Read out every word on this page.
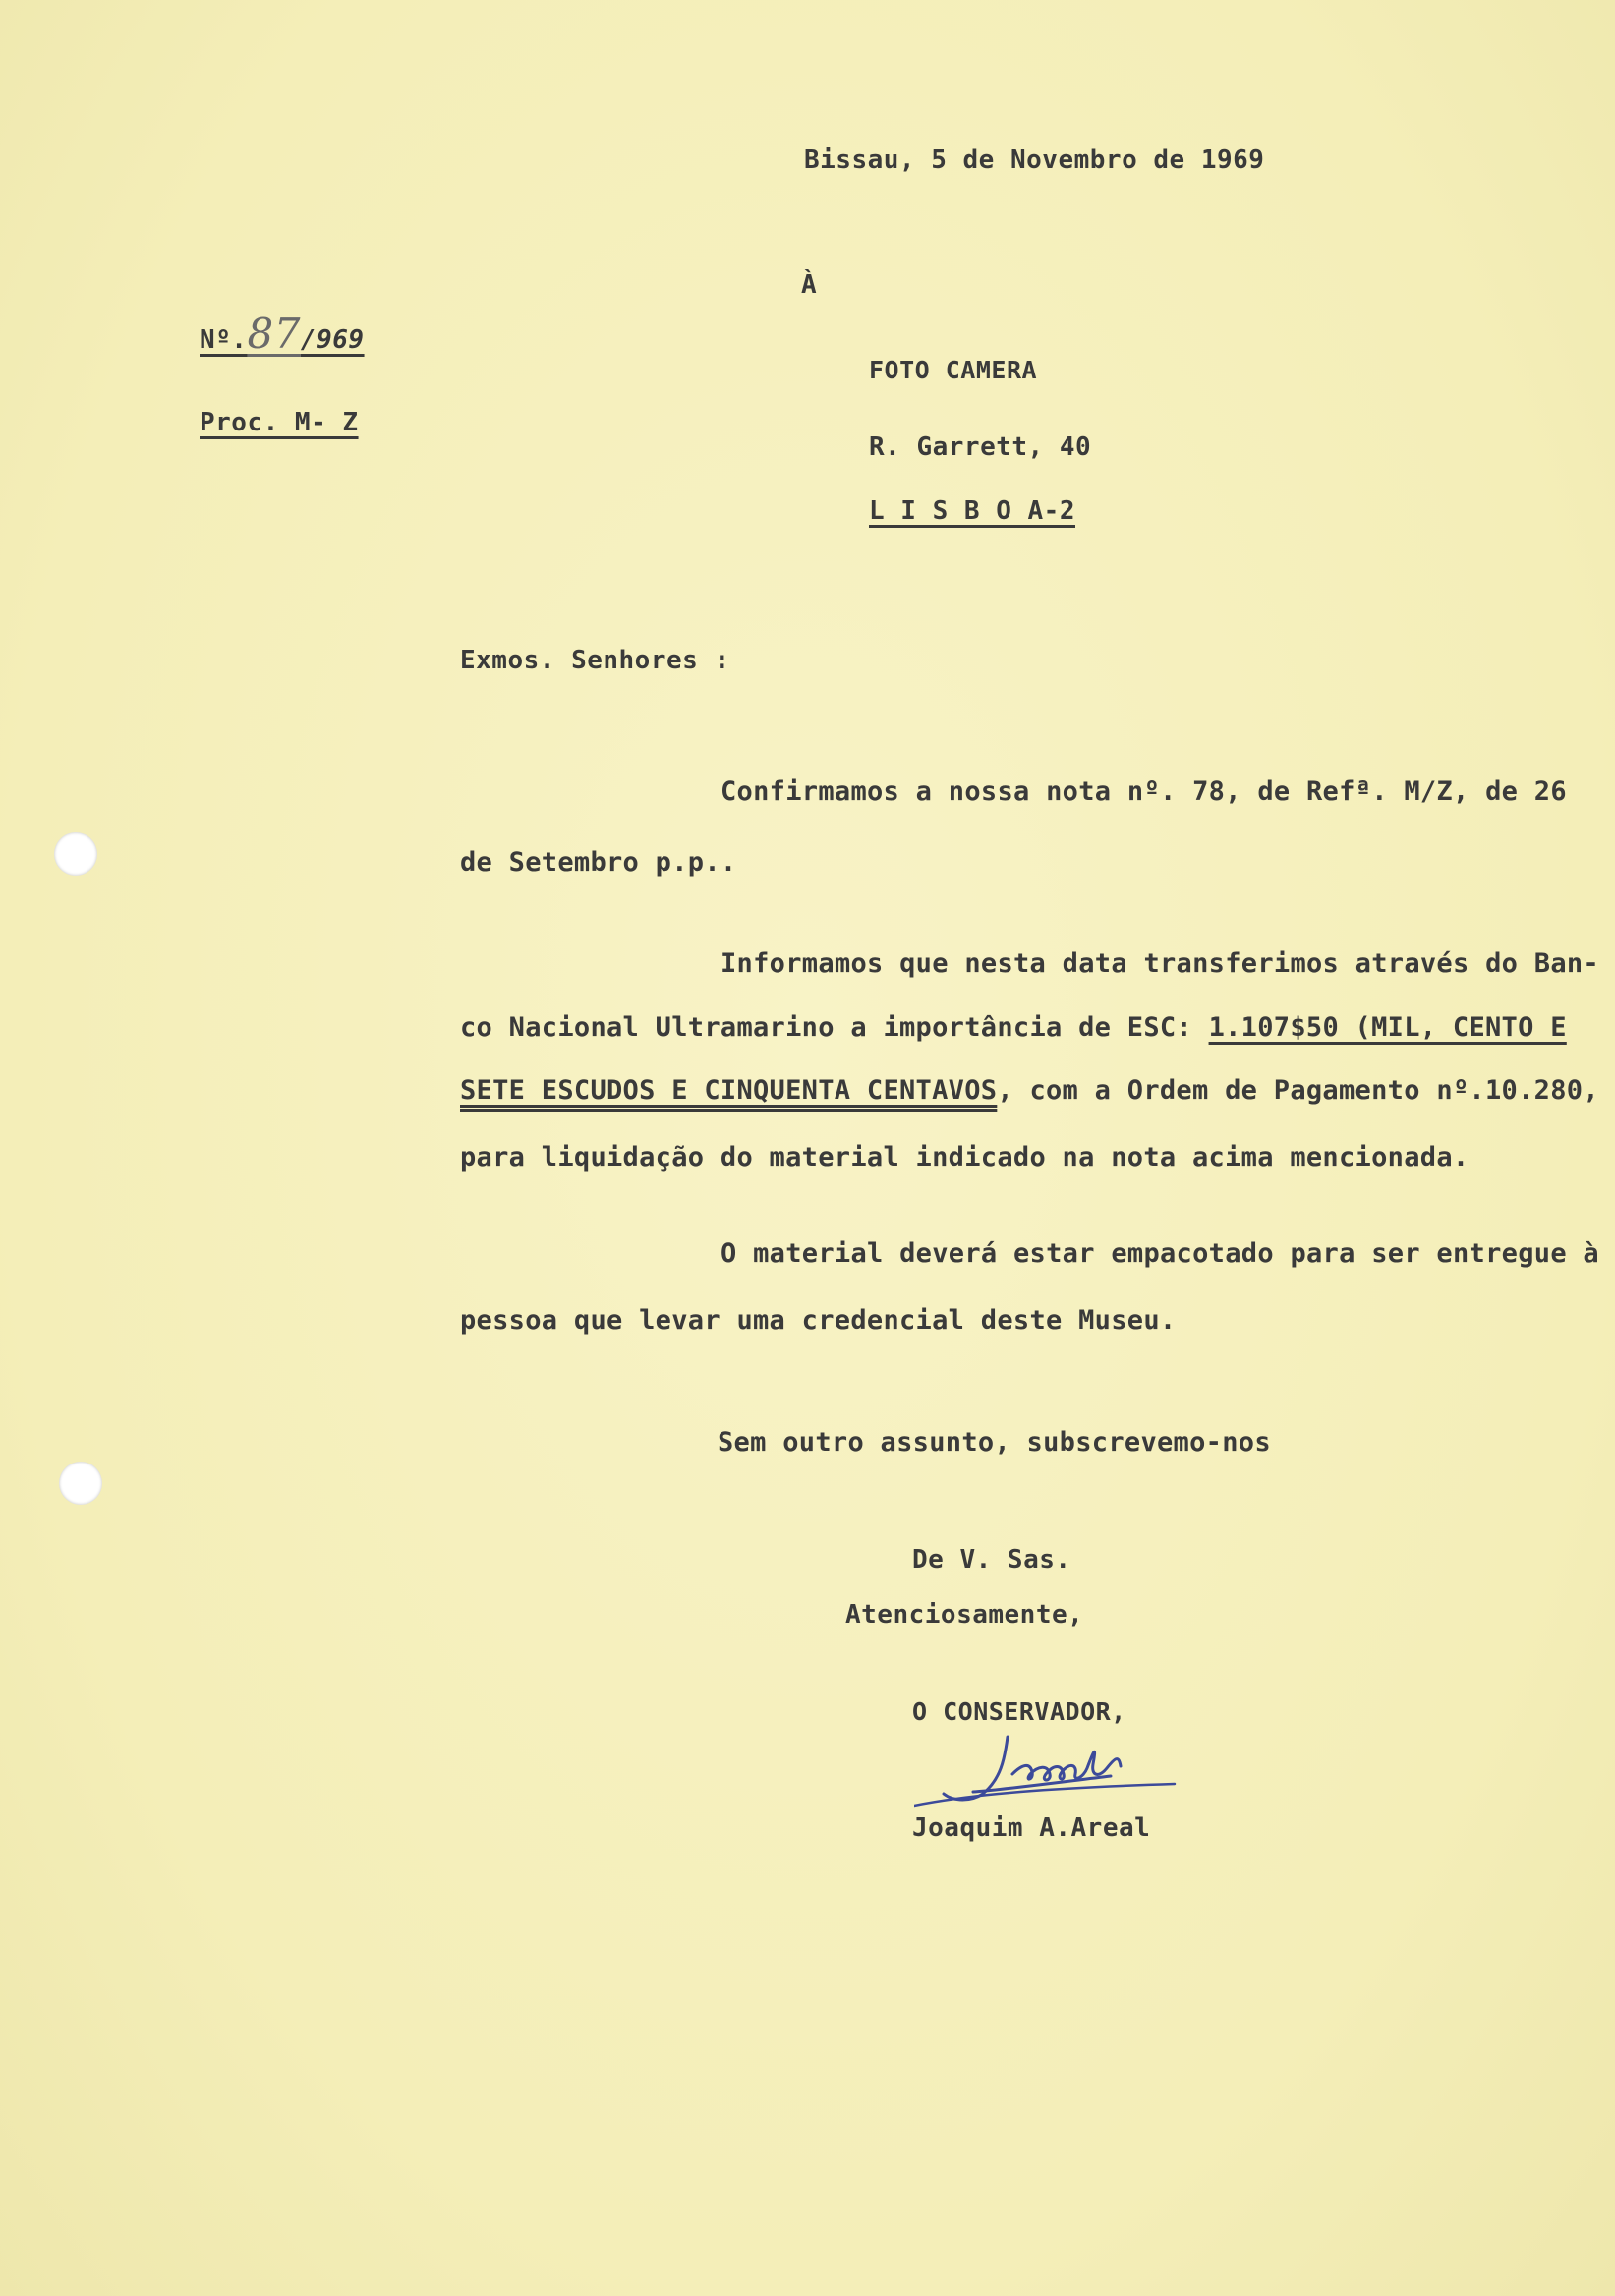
Bissau, 5 de Novembro de 1969
À
Nº.87/969
Proc. M- Z
FOTO CAMERA
R. Garrett, 40
L I S B O A-2
Exmos. Senhores :
Confirmamos a nossa nota nº. 78, de Refª. M/Z, de 26
de Setembro p.p..
Informamos que nesta data transferimos através do Ban-
co Nacional Ultramarino a importância de ESC: 1.107$50 (MIL, CENTO E
SETE ESCUDOS E CINQUENTA CENTAVOS, com a Ordem de Pagamento nº.10.280,
para liquidação do material indicado na nota acima mencionada.
O material deverá estar empacotado para ser entregue à
pessoa que levar uma credencial deste Museu.
Sem outro assunto, subscrevemo-nos
De V. Sas.
Atenciosamente,
O CONSERVADOR,
Joaquim A.Areal
